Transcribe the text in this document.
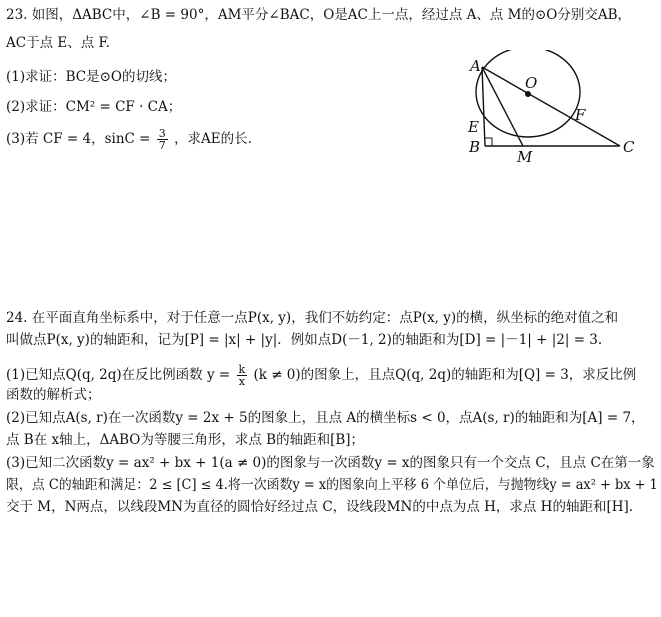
23. 如图，ΔABC中，∠B = 90°，AM平分∠BAC，O是AC上一点，经过点 A、点 M的⊙O分别交AB，
AC于点 E、点 F.
(1)求证：BC是⊙O的切线；
(2)求证：CM² = CF · CA；
(3)若 CF = 4，$\sin C = \frac{3}{7}$ ，求AE的长.
A
O
F
E
B
M
C
24. 在平面直角坐标系中，对于任意一点P(x, y)，我们不妨约定：点P(x, y)的横，纵坐标的绝对值之和
叫做点P(x, y)的轴距和，记为[P] = |x| + |y|．例如点D(－1, 2)的轴距和为[D] = |－1| + |2| = 3.
(1)已知点Q(q, 2q)在反比例函数 $y = \frac{k}{x} (k \ne 0)$的图象上，且点Q(q, 2q)的轴距和为[Q] = 3，求反比例
函数的解析式；
(2)已知点A(s, r)在一次函数y = 2x + 5的图象上，且点 A的横坐标s < 0，点A(s, r)的轴距和为[A] = 7，
点 B在 x轴上，ΔABO为等腰三角形，求点 B的轴距和[B]；
(3)已知二次函数y = ax² + bx + 1(a ≠ 0)的图象与一次函数y = x的图象只有一个交点 C，且点 C在第一象
限，点 C的轴距和满足：2 ≤ [C] ≤ 4.将一次函数y = x的图象向上平移 6 个单位后，与抛物线y = ax² + bx + 1
交于 M，N两点，以线段MN为直径的圆恰好经过点 C，设线段MN的中点为点 H，求点 H的轴距和[H].
